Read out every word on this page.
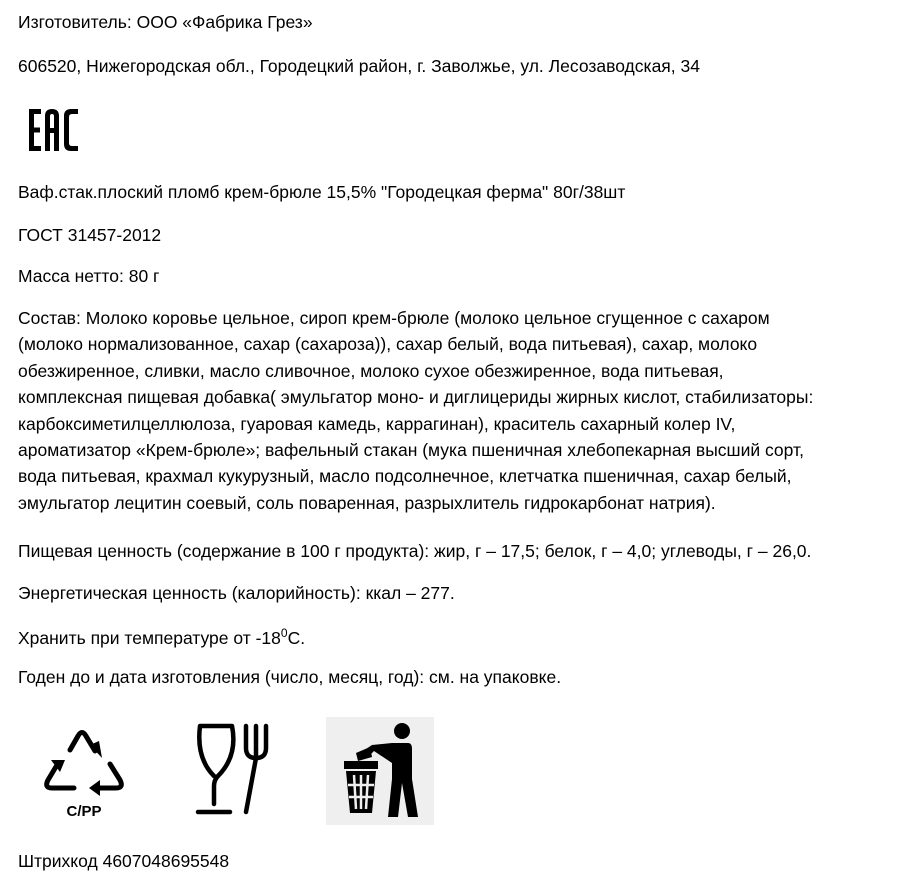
Изготовитель: ООО «Фабрика Грез»
606520, Нижегородская обл., Городецкий район, г. Заволжье, ул. Лесозаводская, 34
Ваф.стак.плоский пломб крем-брюле 15,5% "Городецкая ферма" 80г/38шт
ГОСТ 31457-2012
Масса нетто: 80 г
Состав: Молоко коровье цельное, сироп крем-брюле (молоко цельное сгущенное с сахаром
(молоко нормализованное, сахар (сахароза)), сахар белый, вода питьевая), сахар, молоко
обезжиренное, сливки, масло сливочное, молоко сухое обезжиренное, вода питьевая,
комплексная пищевая добавка( эмульгатор моно- и диглицериды жирных кислот, стабилизаторы:
карбоксиметилцеллюлоза, гуаровая камедь, каррагинан), краситель сахарный колер IV,
ароматизатор «Крем-брюле»; вафельный стакан (мука пшеничная хлебопекарная высший сорт,
вода питьевая, крахмал кукурузный, масло подсолнечное, клетчатка пшеничная, сахар белый,
эмульгатор лецитин соевый, соль поваренная, разрыхлитель гидрокарбонат натрия).
Пищевая ценность (содержание в 100 г продукта): жир, г – 17,5; белок, г – 4,0; углеводы, г – 26,0.
Энергетическая ценность (калорийность): ккал – 277.
Хранить при температуре от $-18^0С$.
Годен до и дата изготовления (число, месяц, год): см. на упаковке.
C/PP
Штрихкод 4607048695548
